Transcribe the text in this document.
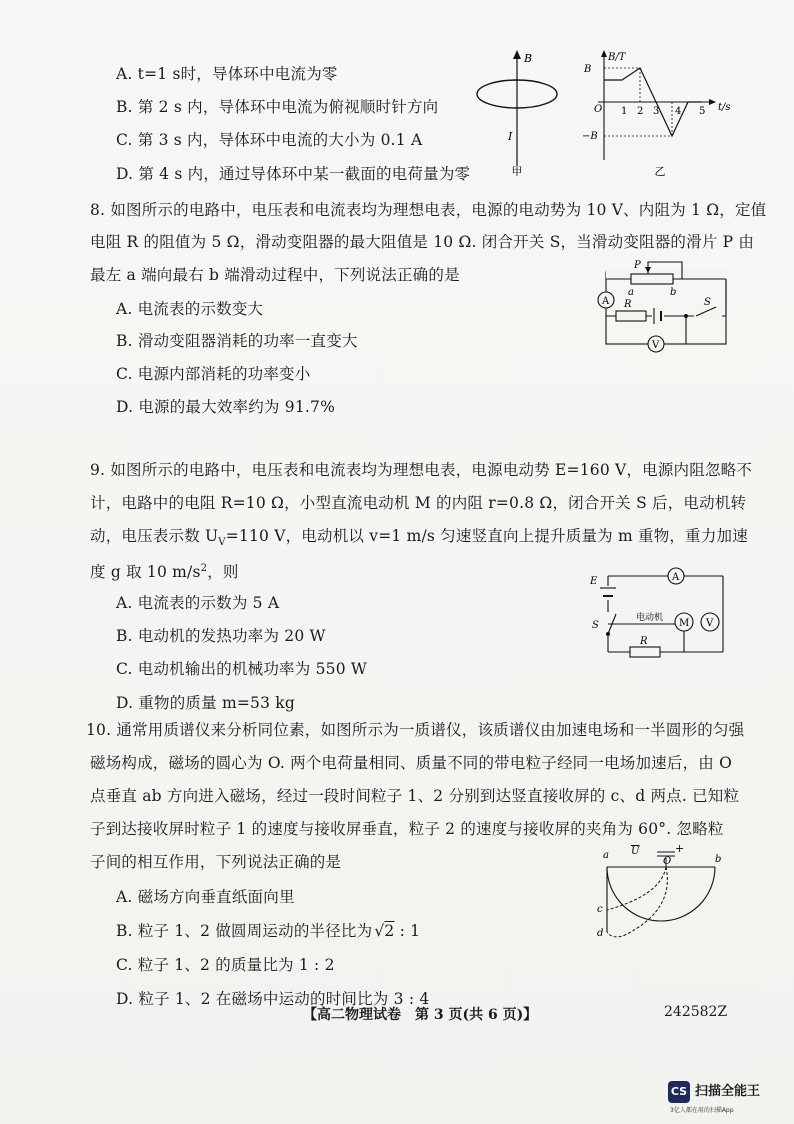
A. t=1 s时，导体环中电流为零
B. 第 2 s 内，导体环中电流为俯视顺时针方向
C. 第 3 s 内，导体环中电流的大小为 0.1 A
D. 第 4 s 内，通过导体环中某一截面的电荷量为零
B
I
甲
B/T
B
−B
O	t/s
1 2 3 4 5
乙
8. 如图所示的电路中，电压表和电流表均为理想电表，电源的电动势为 10 V、内阻为 1 Ω，定值
电阻 R 的阻值为 5 Ω，滑动变阻器的最大阻值是 10 Ω. 闭合开关 S，当滑动变阻器的滑片 P 由
最左 a 端向最右 b 端滑动过程中，下列说法正确的是
A. 电流表的示数变大
B. 滑动变阻器消耗的功率一直变大
C. 电源内部消耗的功率变小
D. 电源的最大效率约为 91.7%
P
a	b
A R	S
V
9. 如图所示的电路中，电压表和电流表均为理想电表，电源电动势 E=160 V，电源内阻忽略不
计，电路中的电阻 R=10 Ω，小型直流电动机 M 的内阻 r=0.8 Ω，闭合开关 S 后，电动机转
动，电压表示数 $U_V=110$ V，电动机以 v=1 m/s 匀速竖直向上提升质量为 m 重物，重力加速
度 g 取 10 $m/s^2$，则
A. 电流表的示数为 5 A
B. 电动机的发热功率为 20 W
C. 电动机输出的机械功率为 550 W
D. 重物的质量 m=53 kg
A
E
S
电动机 M V
R
10. 通常用质谱仪来分析同位素，如图所示为一质谱仪，该质谱仪由加速电场和一半圆形的匀强
磁场构成，磁场的圆心为 O. 两个电荷量相同、质量不同的带电粒子经同一电场加速后，由 O
点垂直 ab 方向进入磁场，经过一段时间粒子 1、2 分别到达竖直接收屏的 c、d 两点. 已知粒
子到达接收屏时粒子 1 的速度与接收屏垂直，粒子 2 的速度与接收屏的夹角为 60°. 忽略粒
子间的相互作用，下列说法正确的是
A. 磁场方向垂直纸面向里
B. 粒子 1、2 做圆周运动的半径比为 √2 : 1
C. 粒子 1、2 的质量比为 1 : 2
D. 粒子 1、2 在磁场中运动的时间比为 3 : 4
U	+
a
O	b
c
d
【高二物理试卷　第 3 页(共 6 页)】	242582Z
CS 扫描全能王
3亿人都在用的扫描App
